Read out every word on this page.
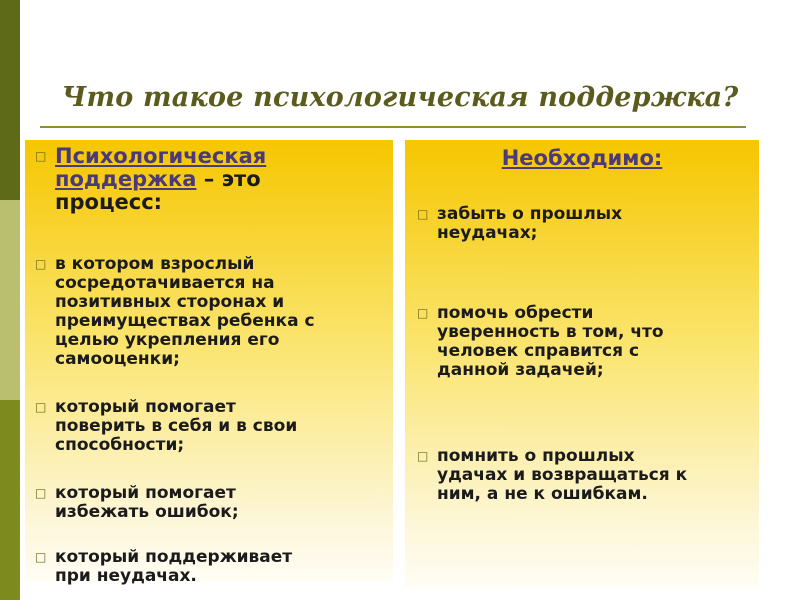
Что такое психологическая поддержка?
□ Психологическая
поддержка – это
процесс:
□ в котором взрослый
сосредотачивается на
позитивных сторонах и
преимуществах ребенка с
целью укрепления его
самооценки;
□ который помогает
поверить в себя и в свои
способности;
□ который помогает
избежать ошибок;
□ который поддерживает
при неудачах.
Необходимо:
□ забыть о прошлых
неудачах;
□ помочь обрести
уверенность в том, что
человек справится с
данной задачей;
□ помнить о прошлых
удачах и возвращаться к
ним, а не к ошибкам.
